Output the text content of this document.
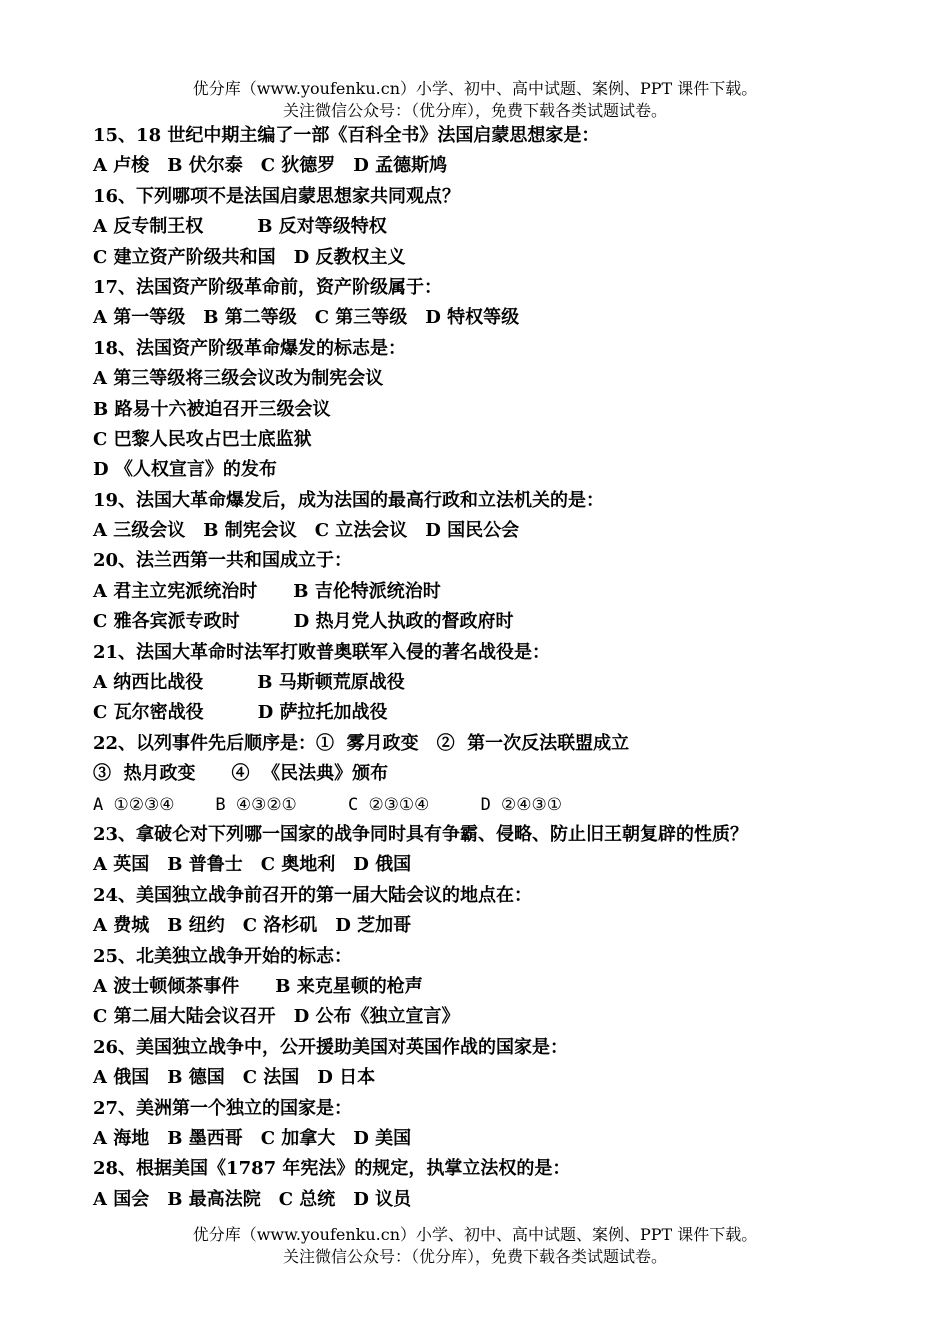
优分库（www.youfenku.cn）小学、初中、高中试题、案例、PPT 课件下载。
关注微信公众号：（优分库），免费下载各类试题试卷。
15、18 世纪中期主编了一部《百科全书》法国启蒙思想家是：
A 卢梭　B 伏尔泰　C 狄德罗　D 孟德斯鸠
16、下列哪项不是法国启蒙思想家共同观点？
A 反专制王权　　　B 反对等级特权
C 建立资产阶级共和国　D 反教权主义
17、法国资产阶级革命前，资产阶级属于：
A 第一等级　B 第二等级　C 第三等级　D 特权等级
18、法国资产阶级革命爆发的标志是：
A 第三等级将三级会议改为制宪会议
B 路易十六被迫召开三级会议
C 巴黎人民攻占巴士底监狱
D 《人权宣言》的发布
19、法国大革命爆发后，成为法国的最高行政和立法机关的是：
A 三级会议　B 制宪会议　C 立法会议　D 国民公会
20、法兰西第一共和国成立于：
A 君主立宪派统治时　　B 吉伦特派统治时
C 雅各宾派专政时　　　D 热月党人执政的督政府时
21、法国大革命时法军打败普奥联军入侵的著名战役是：
A 纳西比战役　　　B 马斯顿荒原战役
C 瓦尔密战役　　　D 萨拉托加战役
22、以列事件先后顺序是：①  雾月政变　②  第一次反法联盟成立
③  热月政变　　④  《民法典》颁布
A ①②③④    B ④③②①     C ②③①④     D ②④③①
23、拿破仑对下列哪一国家的战争同时具有争霸、侵略、防止旧王朝复辟的性质？
A 英国　B 普鲁士　C 奥地利　D 俄国
24、美国独立战争前召开的第一届大陆会议的地点在：
A 费城　B 纽约　C 洛杉矶　D 芝加哥
25、北美独立战争开始的标志：
A 波士顿倾茶事件　　B 来克星顿的枪声
C 第二届大陆会议召开　D 公布《独立宣言》
26、美国独立战争中，公开援助美国对英国作战的国家是：
A 俄国　B 德国　C 法国　D 日本
27、美洲第一个独立的国家是：
A 海地　B 墨西哥　C 加拿大　D 美国
28、根据美国《1787 年宪法》的规定，执掌立法权的是：
A 国会　B 最高法院　C 总统　D 议员
优分库（www.youfenku.cn）小学、初中、高中试题、案例、PPT 课件下载。
关注微信公众号：（优分库），免费下载各类试题试卷。
